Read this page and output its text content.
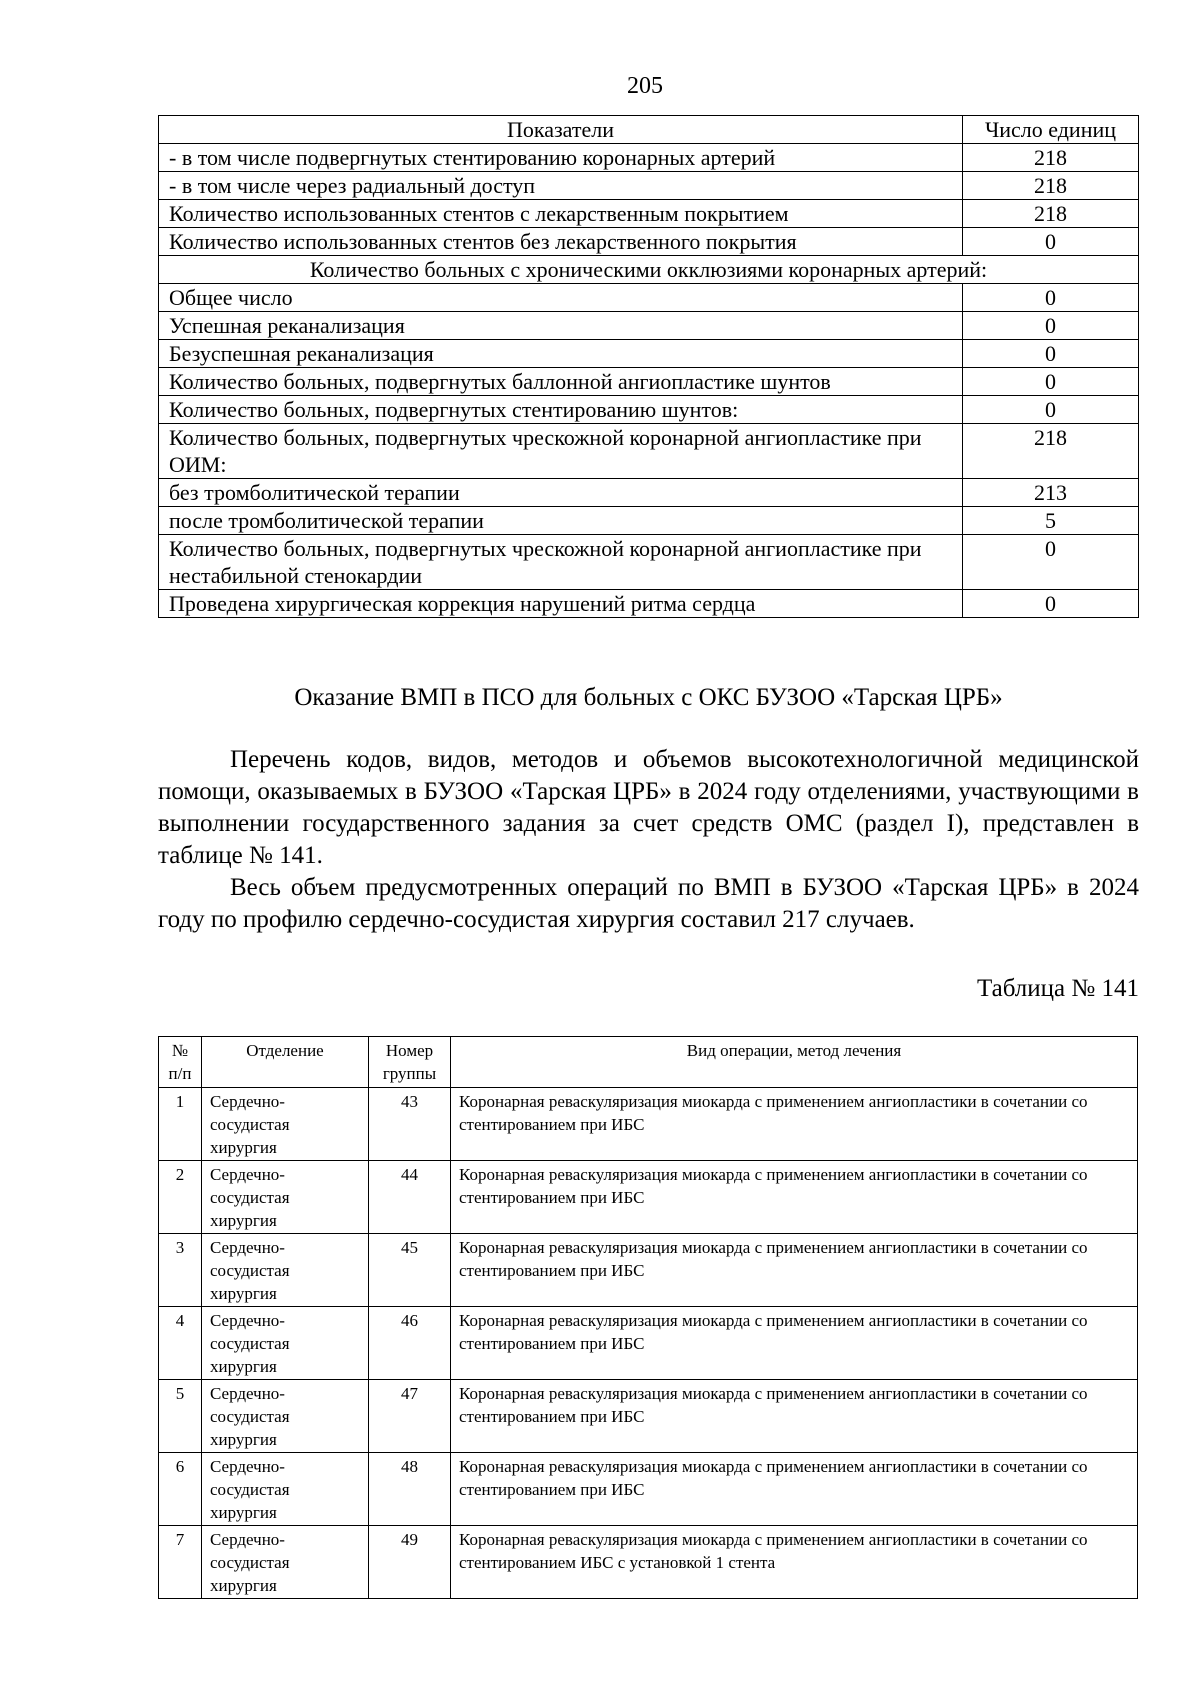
205
Показатели	Число единиц
- в том числе подвергнутых стентированию коронарных артерий	218
- в том числе через радиальный доступ	218
Количество использованных стентов с лекарственным покрытием	218
Количество использованных стентов без лекарственного покрытия	0
Количество больных с хроническими окклюзиями коронарных артерий:	
Общее число	0
Успешная реканализация	0
Безуспешная реканализация	0
Количество больных, подвергнутых баллонной ангиопластике шунтов	0
Количество больных, подвергнутых стентированию шунтов:	0
Количество больных, подвергнутых чрескожной коронарной ангиопластике при ОИМ:	218
без тромболитической терапии	213
после тромболитической терапии	5
Количество больных, подвергнутых чрескожной коронарной ангиопластике при нестабильной стенокардии	0
Проведена хирургическая коррекция нарушений ритма сердца	0
Оказание ВМП в ПСО для больных с ОКС БУЗОО «Тарская ЦРБ»

Перечень кодов, видов, методов и объемов высокотехнологичной медицинской помощи, оказываемых в БУЗОО «Тарская ЦРБ» в 2024 году отделениями, участвующими в выполнении государственного задания за счет средств ОМС (раздел I), представлен в таблице № 141.

Весь объем предусмотренных операций по ВМП в БУЗОО «Тарская ЦРБ» в 2024 году по профилю сердечно-сосудистая хирургия составил 217 случаев.

Таблица № 141
№ п/п	Отделение	Номер группы	Вид операции, метод лечения
1	Сердечно-сосудистая хирургия	43	Коронарная реваскуляризация миокарда с применением ангиопластики в сочетании со стентированием при ИБС
2	Сердечно-сосудистая хирургия	44	Коронарная реваскуляризация миокарда с применением ангиопластики в сочетании со стентированием при ИБС
3	Сердечно-сосудистая хирургия	45	Коронарная реваскуляризация миокарда с применением ангиопластики в сочетании со стентированием при ИБС
4	Сердечно-сосудистая хирургия	46	Коронарная реваскуляризация миокарда с применением ангиопластики в сочетании со стентированием при ИБС
5	Сердечно-сосудистая хирургия	47	Коронарная реваскуляризация миокарда с применением ангиопластики в сочетании со стентированием при ИБС
6	Сердечно-сосудистая хирургия	48	Коронарная реваскуляризация миокарда с применением ангиопластики в сочетании со стентированием при ИБС
7	Сердечно-сосудистая хирургия	49	Коронарная реваскуляризация миокарда с применением ангиопластики в сочетании со стентированием ИБС с установкой 1 стента
